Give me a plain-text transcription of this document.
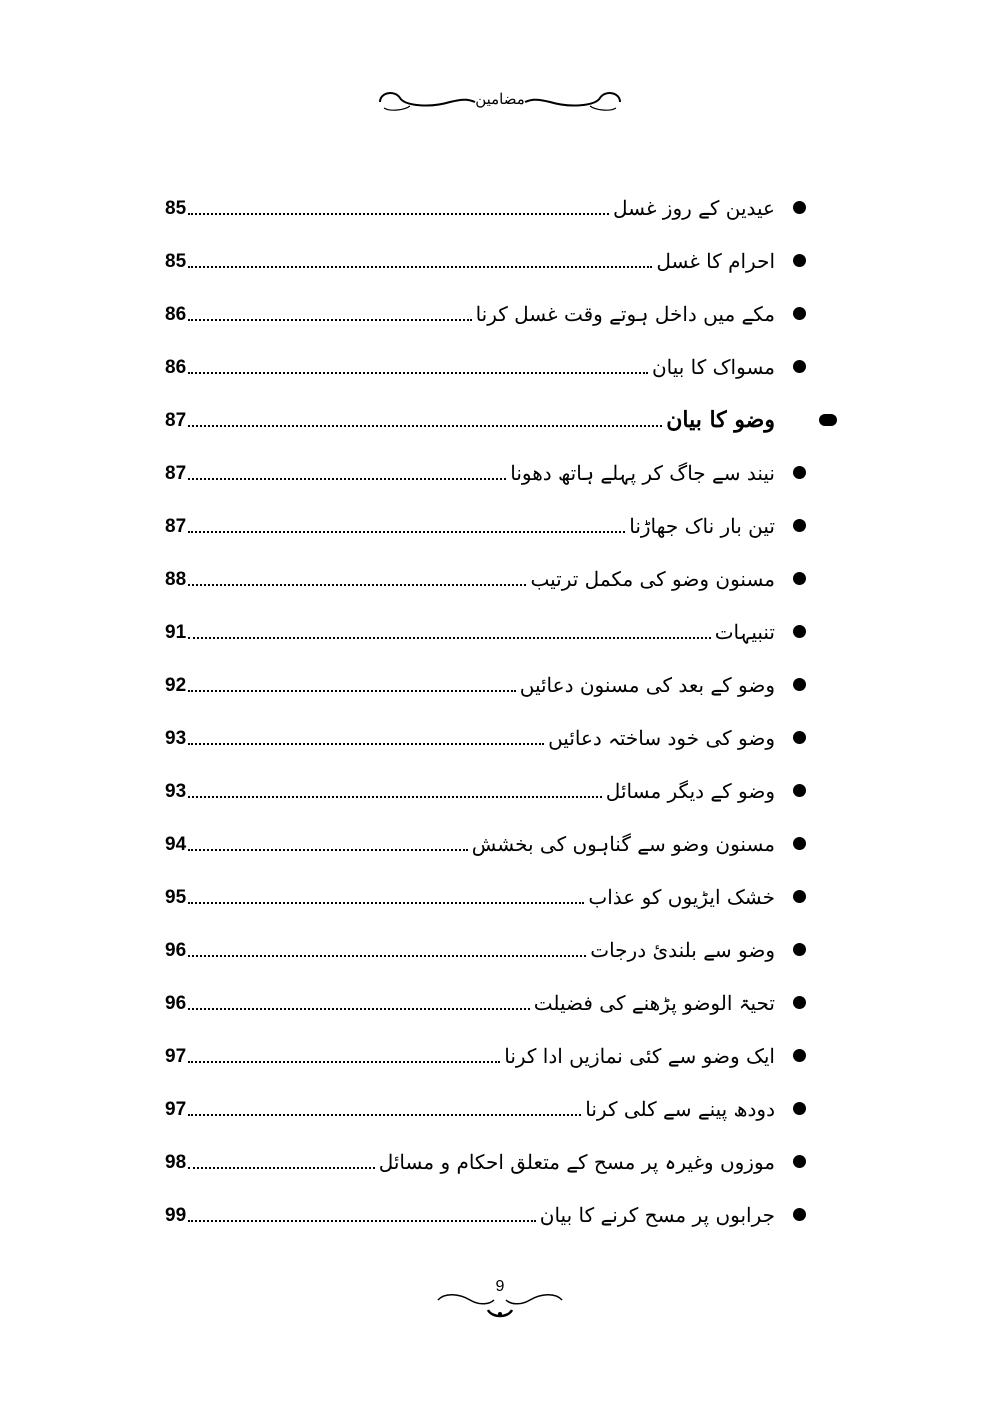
مضامین
85	عیدین کے روز غسل
85	احرام کا غسل
86	مکے میں داخل ہوتے وقت غسل کرنا
86	مسواک کا بیان
87	وضو کا بیان
87	نیند سے جاگ کر پہلے ہاتھ دھونا
87	تین بار ناک جھاڑنا
88	مسنون وضو کی مکمل ترتیب
91	تنبیہات
92	وضو کے بعد کی مسنون دعائیں
93	وضو کی خود ساختہ دعائیں
93	وضو کے دیگر مسائل
94	مسنون وضو سے گناہوں کی بخشش
95	خشک ایڑیوں کو عذاب
96	وضو سے بلندیٔ درجات
96	تحیۃ الوضو پڑھنے کی فضیلت
97	ایک وضو سے کئی نمازیں ادا کرنا
97	دودھ پینے سے کلی کرنا
98	موزوں وغیرہ پر مسح کے متعلق احکام و مسائل
99	جرابوں پر مسح کرنے کا بیان
9
